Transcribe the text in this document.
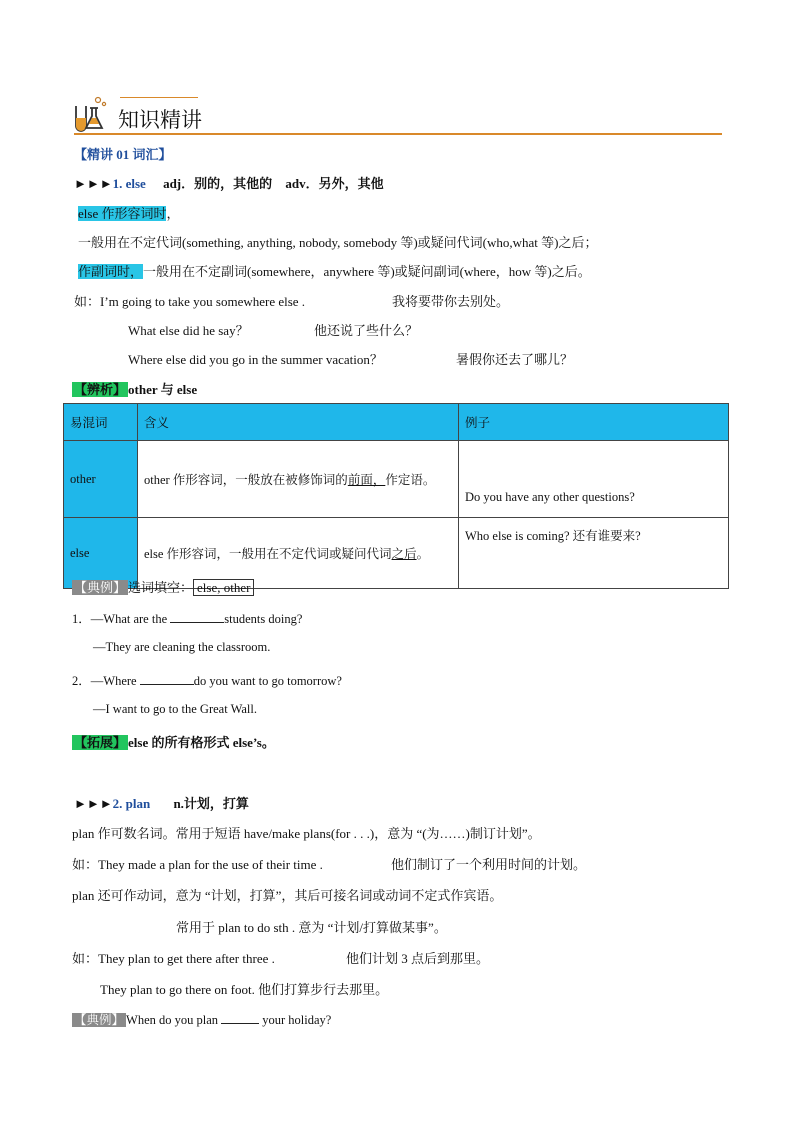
知识精讲
【精讲 01 词汇】
►►►1. else adj．别的，其他的 adv．另外，其他
else 作形容词时，
一般用在不定代词(something, anything, nobody, somebody 等)或疑问代词(who,what 等)之后；
作副词时，一般用在不定副词(somewhere，anywhere 等)或疑问副词(where，how 等)之后。
如：I’m going to take you somewhere else .	我将要带你去别处。
What else did he say？	他还说了些什么？
Where else did you go in the summer vacation？	暑假你还去了哪儿？
【辨析】 other 与 else
易混词	含义	例子
other	other 作形容词，一般放在被修饰词的前面，作定语。	Do you have any other questions?
else	else 作形容词，一般用在不定代词或疑问代词之后。	Who else is coming? 还有谁要来?
【典例】 选词填空： else, other
1．—What are the	students doing?
—They are cleaning the classroom.
2．—Where	do you want to go tomorrow?
—I want to go to the Great Wall.
【拓展】 else 的所有格形式 else’s。
►►►2. plan n.计划，打算
plan 作可数名词。常用于短语 have/make plans(for . . .)，意为 “(为……)制订计划”。
如：They made a plan for the use of their time .	他们制订了一个利用时间的计划。
plan 还可作动词，意为 “计划，打算”，其后可接名词或动词不定式作宾语。
常用于 plan to do sth . 意为 “计划/打算做某事”。
如：They plan to get there after three .	他们计划 3 点后到那里。
They plan to go there on foot. 他们打算步行去那里。
【典例】 When do you plan	your holiday?
